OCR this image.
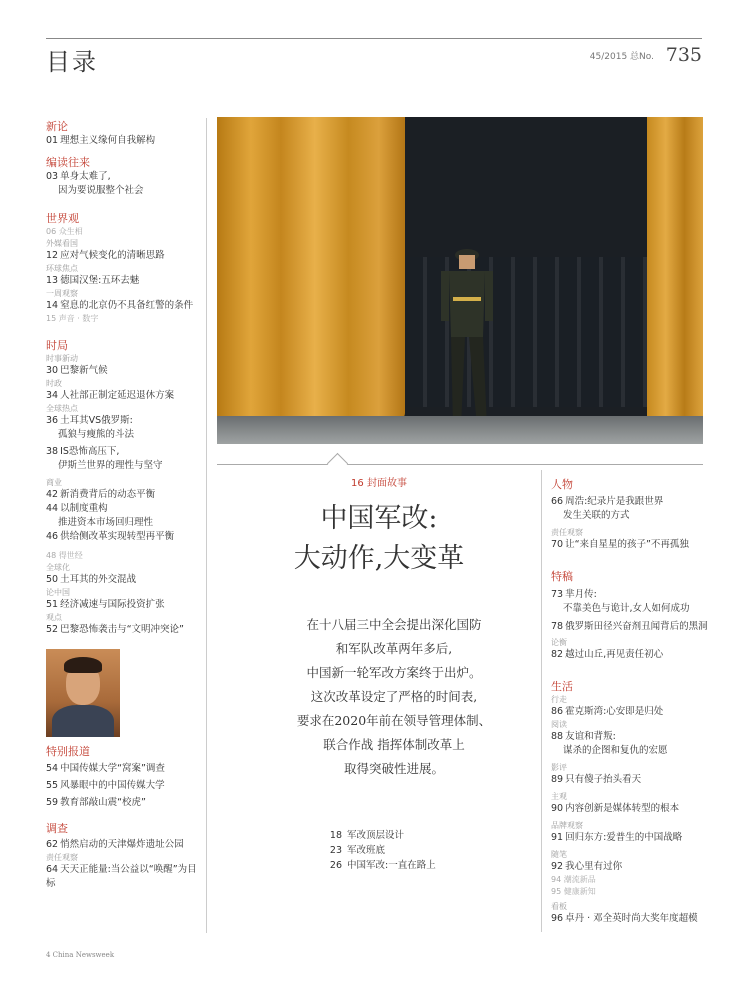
目录	45/2015 总No. 735
新论
01 理想主义缘何自我解构
编读往来
03 单身太难了,
因为要说服整个社会
世界观
06 众生相
外媒看国
12 应对气候变化的清晰思路
环球焦点
13 德国汉堡:五环去魅
一周观察
14 窒息的北京仍不具备红警的条件
15 声音 · 数字
时局
时事新动
30 巴黎新气候
时政
34 人社部正制定延迟退休方案
全球热点
36 土耳其VS俄罗斯:
孤狼与瘦熊的斗法
38 IS恐怖高压下,
伊斯兰世界的理性与坚守
商业
42 新消费背后的动态平衡
44 以制度重构
推进资本市场回归理性
46 供给侧改革实现转型再平衡
48 得世经
全球化
50 土耳其的外交混战
论中国
51 经济减速与国际投资扩张
观点
52 巴黎恐怖袭击与“文明冲突论”
特别报道
54 中国传媒大学“窝案”调查
55 风暴眼中的中国传媒大学
59 教育部敲山震“校虎”
调查
62 悄然启动的天津爆炸遗址公园
责任观察
64 天天正能量:当公益以“唤醒”为目标
16 封面故事
中国军改:
大动作,大变革
在十八届三中全会提出深化国防
和军队改革两年多后,
中国新一轮军改方案终于出炉。
这次改革设定了严格的时间表,
要求在2020年前在领导管理体制、
联合作战 指挥体制改革上
取得突破性进展。
18 军改顶层设计
23 军改班底
26 中国军改:一直在路上
人物
66 周浩:纪录片是我跟世界
发生关联的方式
责任观察
70 让“来自星星的孩子”不再孤独
特稿
73 芈月传:
不靠美色与诡计,女人如何成功
78 俄罗斯田径兴奋剂丑闻背后的黑洞
论衡
82 越过山丘,再见责任初心
生活
行走
86 霍克斯湾:心安即是归处
阅读
88 友谊和背叛:
谋杀的企图和复仇的宏愿
影评
89 只有傻子抬头看天
主观
90 内容创新是媒体转型的根本
品牌观察
91 回归东方:爱普生的中国战略
随笔
92 我心里有过你
94 潮流新品
95 健康新知
看板
96 卓丹 · 邓全英时尚大奖年度超模
4 China Newsweek
